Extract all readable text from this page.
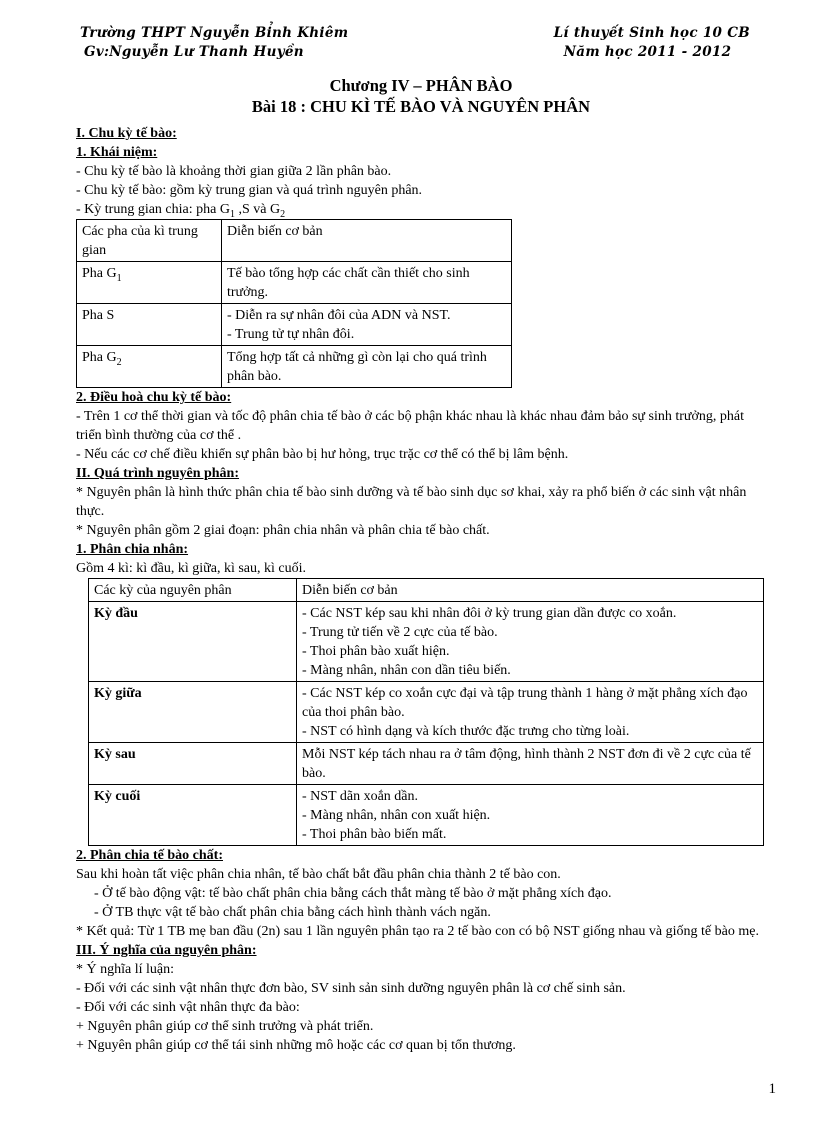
Trường THPT Nguyễn Bỉnh Khiêm
Gv:Nguyễn Lư Thanh Huyền
Lí thuyết Sinh học 10 CB
Năm học 2011 - 2012
Chương IV – PHÂN BÀO
Bài 18 : CHU KÌ TẾ BÀO VÀ NGUYÊN PHÂN

I. Chu kỳ tế bào:

1. Khái niệm:

- Chu kỳ tế bào là khoảng thời gian giữa 2 lần phân bào.

- Chu kỳ tế bào: gồm kỳ trung gian và quá trình nguyên phân.

- Kỳ trung gian chia: pha $G_1$ ,S và $G_2$

Các pha của kì trung gian	Diễn biến cơ bản
Pha $G_1$	Tế bào tổng hợp các chất cần thiết cho sinh trưởng.
Pha S	- Diễn ra sự nhân đôi của ADN và NST.
- Trung tử tự nhân đôi.

Pha $G_2$	Tổng hợp tất cả những gì còn lại cho quá trình phân bào.

2. Điều hoà chu kỳ tế bào:

- Trên 1 cơ thể thời gian và tốc độ phân chia tế bào ở các bộ phận khác nhau là khác nhau đảm bảo sự sinh trưởng, phát triển bình thường của cơ thể .

- Nếu các cơ chế điều khiển sự phân bào bị hư hỏng, trục trặc cơ thể có thể bị lâm bệnh.

II. Quá trình nguyên phân:

* Nguyên phân là hình thức phân chia tế bào sinh dưỡng và tế bào sinh dục sơ khai, xảy ra phổ biến ở các sinh vật nhân thực.

* Nguyên phân gồm 2 giai đoạn: phân chia nhân và phân chia tế bào chất.

1. Phân chia nhân:

Gồm 4 kì: kì đầu, kì giữa, kì sau, kì cuối.

Các kỳ của nguyên phân	Diễn biến cơ bản
Kỳ đầu	- Các NST kép sau khi nhân đôi ở kỳ trung gian dần được co xoắn.
- Trung tử tiến về 2 cực của tế bào.
- Thoi phân bào xuất hiện.
- Màng nhân, nhân con dần tiêu biến.

Kỳ giữa	- Các NST kép co xoắn cực đại và tập trung thành 1 hàng ở mặt phẳng xích đạo của thoi phân bào.
- NST có hình dạng và kích thước đặc trưng cho từng loài.

Kỳ sau	Mỗi NST kép tách nhau ra ở tâm động, hình thành 2 NST đơn đi về 2 cực của tế bào.
Kỳ cuối	- NST dãn xoắn dần.
- Màng nhân, nhân con xuất hiện.
- Thoi phân bào biến mất.

2. Phân chia tế bào chất:

Sau khi hoàn tất việc phân chia nhân, tế bào chất bắt đầu phân chia thành 2 tế bào con.

- Ở tế bào động vật: tế bào chất phân chia bằng cách thắt màng tế bào ở mặt phẳng xích đạo.

- Ở TB thực vật tế bào chất phân chia bằng cách hình thành vách ngăn.

* Kết quả: Từ 1 TB mẹ ban đầu (2n) sau 1 lần nguyên phân tạo ra 2 tế bào con có bộ NST giống nhau và giống tế bào mẹ.

III. Ý nghĩa của nguyên phân:

* Ý nghĩa lí luận:

- Đối với các sinh vật nhân thực đơn bào, SV sinh sản sinh dưỡng nguyên phân là cơ chế sinh sản.

- Đối với các sinh vật nhân thực đa bào:

+ Nguyên phân giúp cơ thể sinh trưởng và phát triển.

+ Nguyên phân giúp cơ thể tái sinh những mô hoặc các cơ quan bị tổn thương.

1
